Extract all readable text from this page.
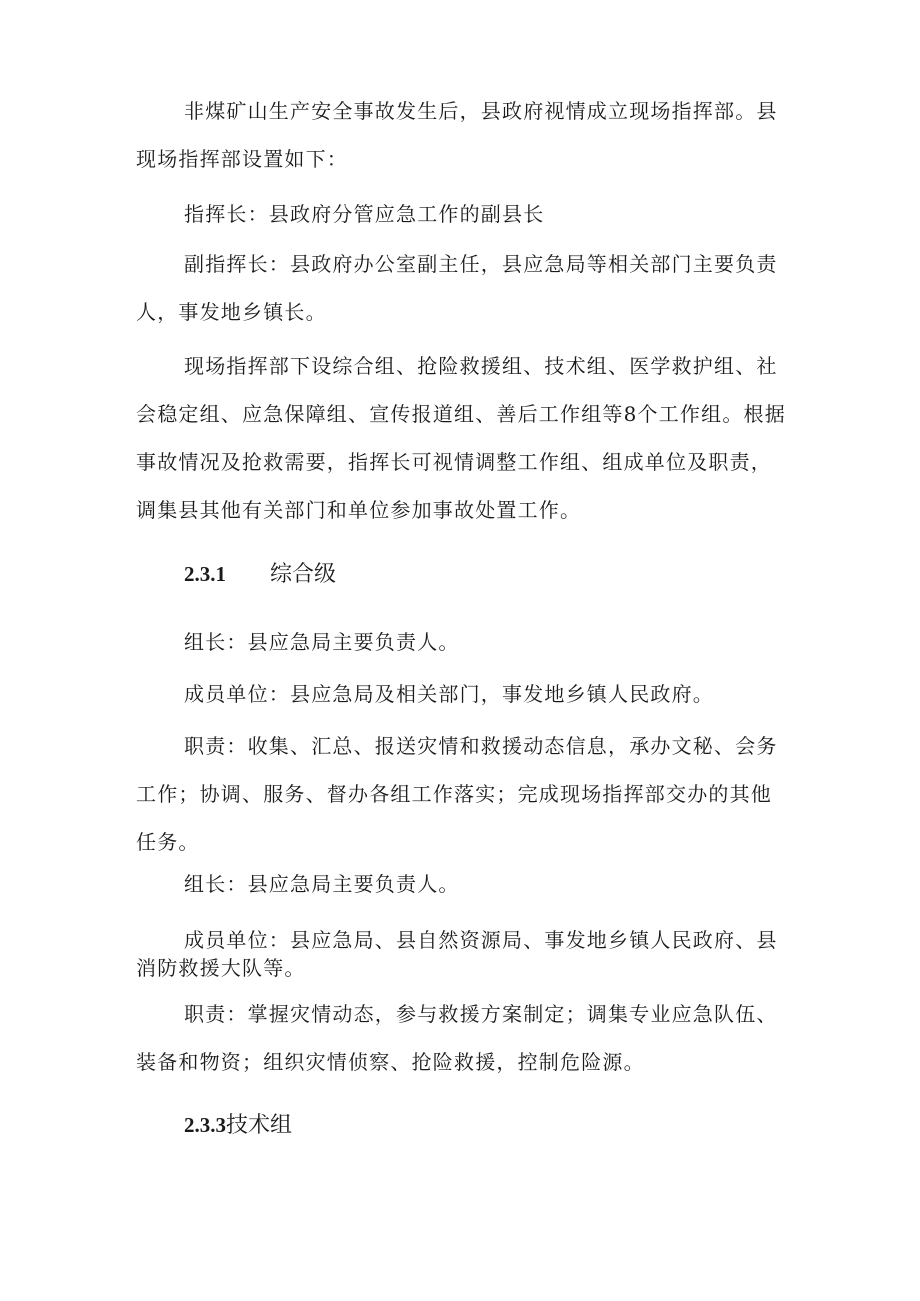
非煤矿山生产安全事故发生后，县政府视情成立现场指挥部。县现场指挥部设置如下：

指挥长：县政府分管应急工作的副县长

副指挥长：县政府办公室副主任，县应急局等相关部门主要负责人，事发地乡镇长。

现场指挥部下设综合组、抢险救援组、技术组、医学救护组、社会稳定组、应急保障组、宣传报道组、善后工作组等8个工作组。根据事故情况及抢救需要，指挥长可视情调整工作组、组成单位及职责，调集县其他有关部门和单位参加事故处置工作。

2.3.1 综合级

组长：县应急局主要负责人。

成员单位：县应急局及相关部门，事发地乡镇人民政府。

职责：收集、汇总、报送灾情和救援动态信息，承办文秘、会务工作；协调、服务、督办各组工作落实；完成现场指挥部交办的其他任务。

组长：县应急局主要负责人。

成员单位：县应急局、县自然资源局、事发地乡镇人民政府、县消防救援大队等。

职责：掌握灾情动态，参与救援方案制定；调集专业应急队伍、装备和物资；组织灾情侦察、抢险救援，控制危险源。

2.3.3技术组
